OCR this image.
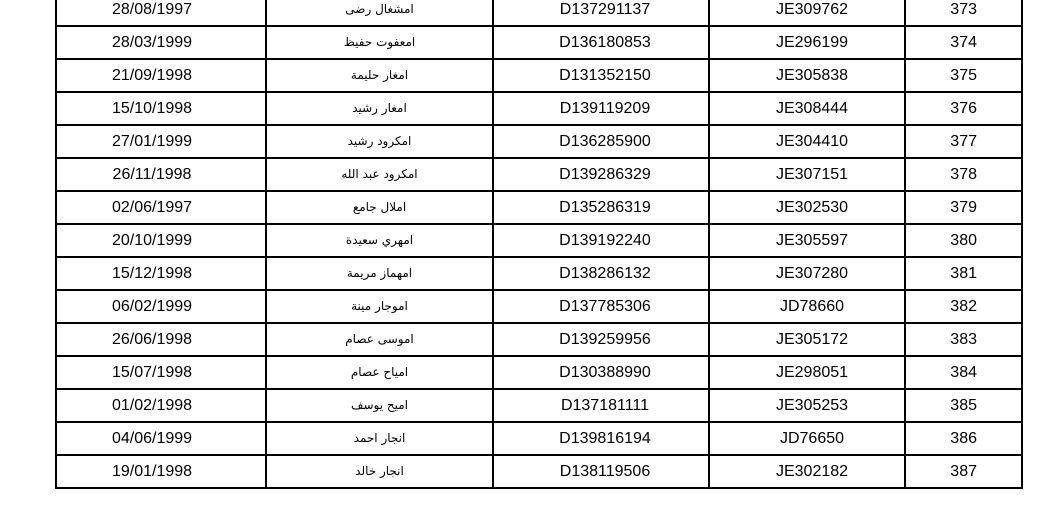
28/08/1997	امشغال رضى	D137291137	JE309762	373
28/03/1999	امعفوت حفيظ	D136180853	JE296199	374
21/09/1998	امغار حليمة	D131352150	JE305838	375
15/10/1998	امغار رشيد	D139119209	JE308444	376
27/01/1999	امكرود رشيد	D136285900	JE304410	377
26/11/1998	امكرود عبد الله	D139286329	JE307151	378
02/06/1997	املال جامع	D135286319	JE302530	379
20/10/1999	امهري سعيدة	D139192240	JE305597	380
15/12/1998	امهماز مريمة	D138286132	JE307280	381
06/02/1999	اموجار مينة	D137785306	JD78660	382
26/06/1998	اموسى عصام	D139259956	JE305172	383
15/07/1998	امياح عصام	D130388990	JE298051	384
01/02/1998	اميح يوسف	D137181111	JE305253	385
04/06/1999	انجار احمد	D139816194	JD76650	386
19/01/1998	انجار خالد	D138119506	JE302182	387
